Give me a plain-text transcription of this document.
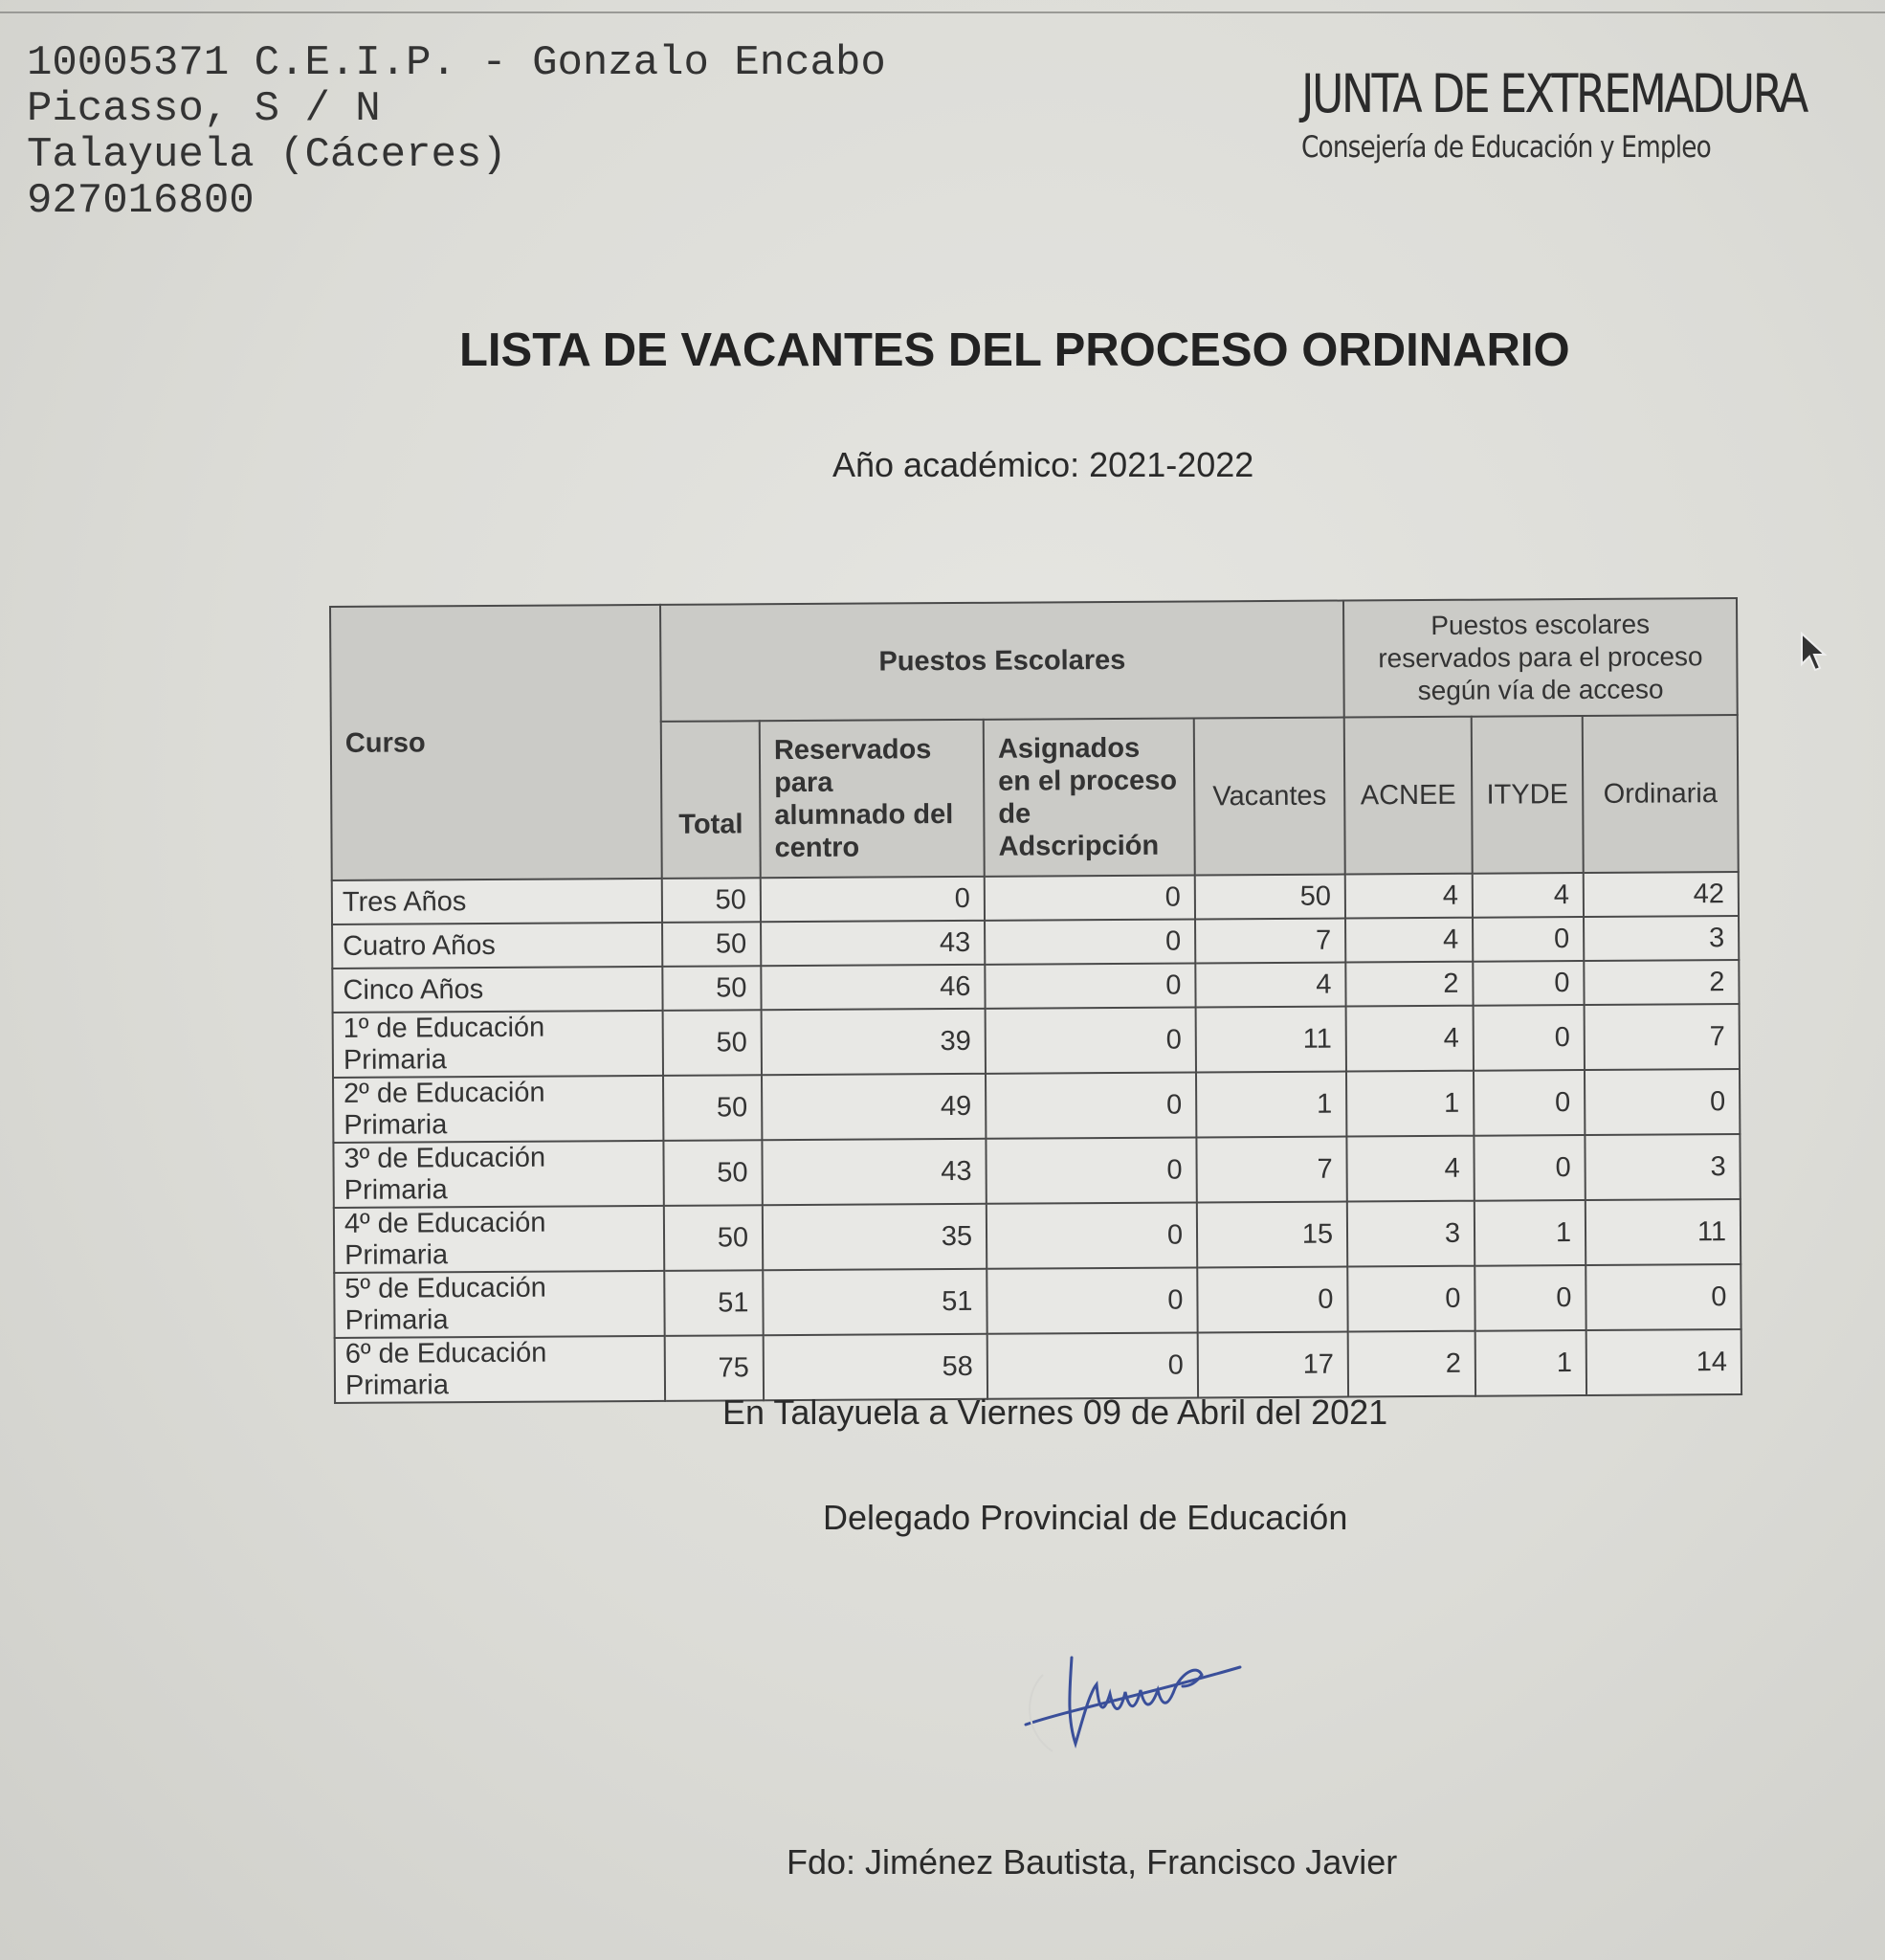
10005371 C.E.I.P. - Gonzalo Encabo
Picasso, S / N
Talayuela (Cáceres)
927016800
JUNTA DE EXTREMADURA
Consejería de Educación y Empleo
LISTA DE VACANTES DEL PROCESO ORDINARIO
Año académico: 2021-2022
Curso	Puestos Escolares				Puestos escolares reservados para el proceso según vía de acceso		
	Total	Reservados para alumnado del centro	Asignados en el proceso de Adscripción	Vacantes	ACNEE	ITYDE	Ordinaria
Tres Años	50	0	0	50	4	4	42
Cuatro Años	50	43	0	7	4	0	3
Cinco Años	50	46	0	4	2	0	2
1º de Educación Primaria	50	39	0	11	4	0	7
2º de Educación Primaria	50	49	0	1	1	0	0
3º de Educación Primaria	50	43	0	7	4	0	3
4º de Educación Primaria	50	35	0	15	3	1	11
5º de Educación Primaria	51	51	0	0	0	0	0
6º de Educación Primaria	75	58	0	17	2	1	14
En Talayuela a Viernes 09 de Abril del 2021
Delegado Provincial de Educación

Fdo: Jiménez Bautista, Francisco Javier
